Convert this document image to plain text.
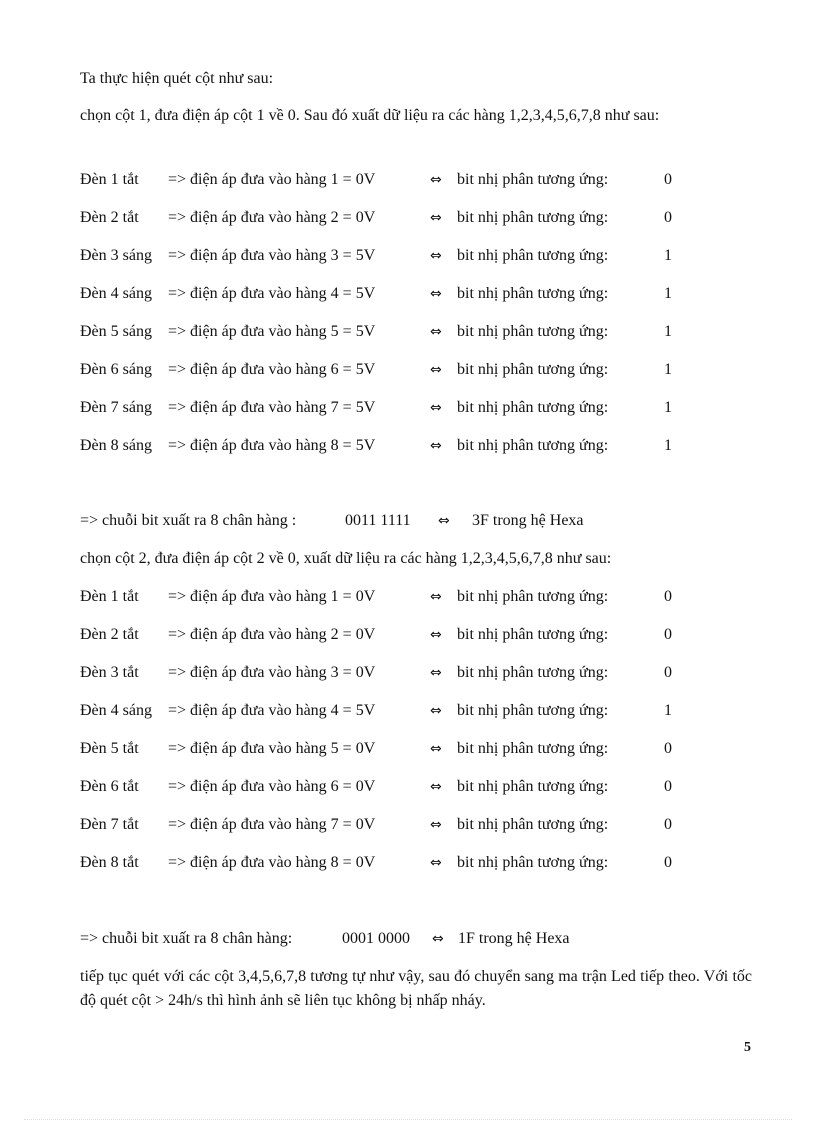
Ta thực hiện quét cột như sau:
chọn cột 1, đưa điện áp cột 1 về 0. Sau đó xuất dữ liệu ra các hàng 1,2,3,4,5,6,7,8 như sau:
Đèn 1 tắt => điện áp đưa vào hàng 1 = 0V	⇔ bit nhị phân tương ứng:	0
Đèn 2 tắt => điện áp đưa vào hàng 2 = 0V	⇔ bit nhị phân tương ứng:	0
Đèn 3 sáng => điện áp đưa vào hàng 3 = 5V	⇔ bit nhị phân tương ứng:	1
Đèn 4 sáng => điện áp đưa vào hàng 4 = 5V	⇔ bit nhị phân tương ứng:	1
Đèn 5 sáng => điện áp đưa vào hàng 5 = 5V	⇔ bit nhị phân tương ứng:	1
Đèn 6 sáng => điện áp đưa vào hàng 6 = 5V	⇔ bit nhị phân tương ứng:	1
Đèn 7 sáng => điện áp đưa vào hàng 7 = 5V	⇔ bit nhị phân tương ứng:	1
Đèn 8 sáng => điện áp đưa vào hàng 8 = 5V	⇔ bit nhị phân tương ứng:	1
=> chuỗi bit xuất ra 8 chân hàng :	0011 1111 ⇔ 3F trong hệ Hexa
chọn cột 2, đưa điện áp cột 2 về 0, xuất dữ liệu ra các hàng 1,2,3,4,5,6,7,8 như sau:
Đèn 1 tắt => điện áp đưa vào hàng 1 = 0V	⇔ bit nhị phân tương ứng:	0
Đèn 2 tắt => điện áp đưa vào hàng 2 = 0V	⇔ bit nhị phân tương ứng:	0
Đèn 3 tắt => điện áp đưa vào hàng 3 = 0V	⇔ bit nhị phân tương ứng:	0
Đèn 4 sáng => điện áp đưa vào hàng 4 = 5V	⇔ bit nhị phân tương ứng:	1
Đèn 5 tắt => điện áp đưa vào hàng 5 = 0V	⇔ bit nhị phân tương ứng:	0
Đèn 6 tắt => điện áp đưa vào hàng 6 = 0V	⇔ bit nhị phân tương ứng:	0
Đèn 7 tắt => điện áp đưa vào hàng 7 = 0V	⇔ bit nhị phân tương ứng:	0
Đèn 8 tắt => điện áp đưa vào hàng 8 = 0V	⇔ bit nhị phân tương ứng:	0
=> chuỗi bit xuất ra 8 chân hàng:	0001 0000 ⇔ 1F trong hệ Hexa
tiếp tục quét với các cột 3,4,5,6,7,8 tương tự như vậy, sau đó chuyển sang ma trận Led tiếp theo. Với tốc độ quét cột > 24h/s thì hình ảnh sẽ liên tục không bị nhấp nháy.
5
